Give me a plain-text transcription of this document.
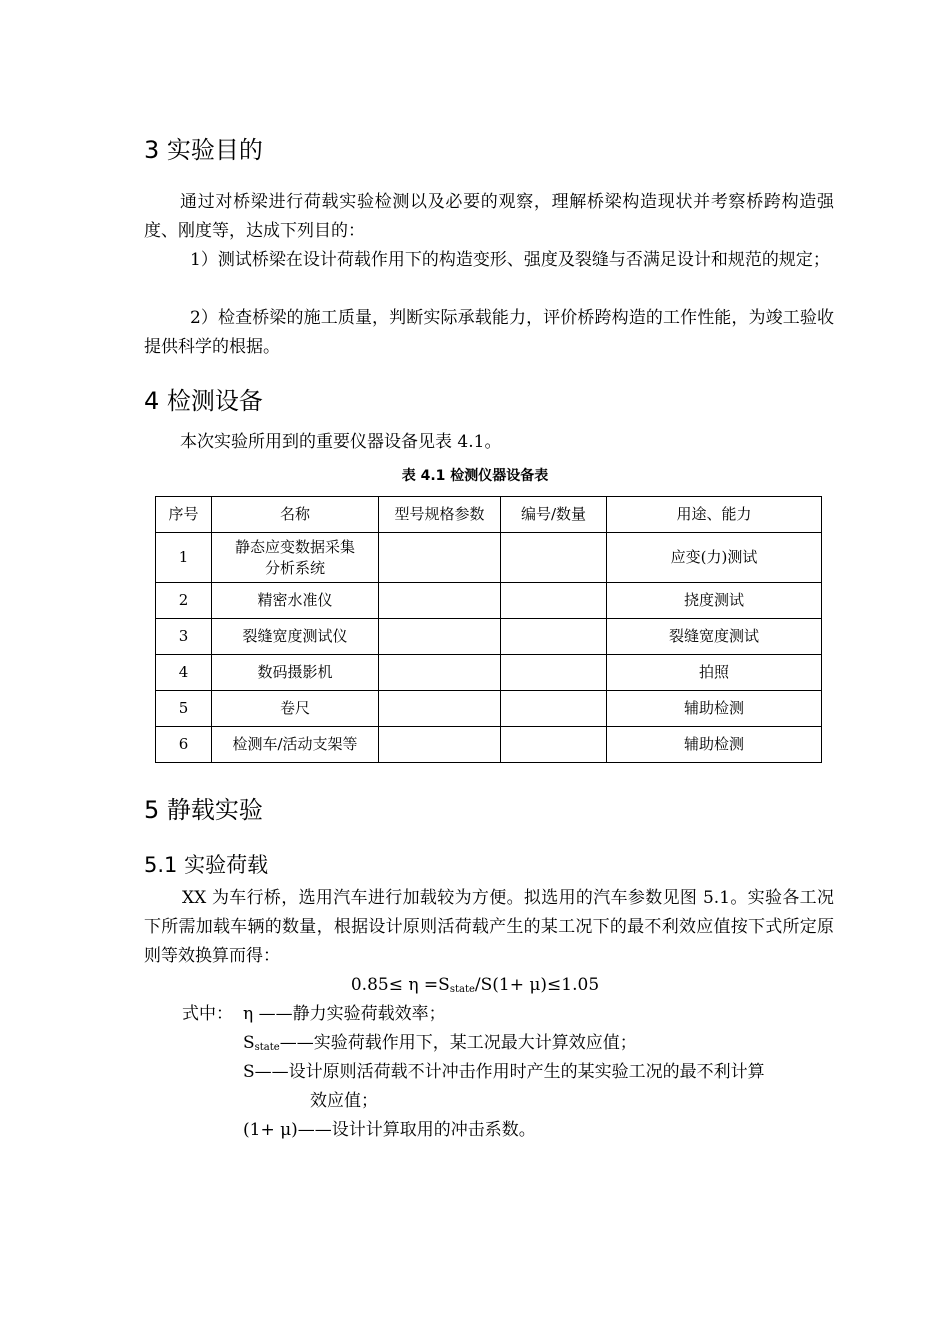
3 实验目的

通过对桥梁进行荷载实验检测以及必要的观察，理解桥梁构造现状并考察桥跨构造强度、刚度等，达成下列目的：

1）测试桥梁在设计荷载作用下的构造变形、强度及裂缝与否满足设计和规范的规定；

2）检查桥梁的施工质量，判断实际承载能力，评价桥跨构造的工作性能，为竣工验收提供科学的根据。

4 检测设备

本次实验所用到的重要仪器设备见表 4.1。

表 4.1 检测仪器设备表
序号	名称	型号规格参数	编号/数量	用途、能力
1	静态应变数据采集分析系统			应变(力)测试
2	精密水准仪			挠度测试
3	裂缝宽度测试仪			裂缝宽度测试
4	数码摄影机			拍照
5	卷尺			辅助检测
6	检测车/活动支架等			辅助检测
5 静载实验
5.1 实验荷载

XX 为车行桥，选用汽车进行加载较为方便。拟选用的汽车参数见图 5.1。实验各工况下所需加载车辆的数量，根据设计原则活荷载产生的某工况下的最不利效应值按下式所定原则等效换算而得：

$0.85\le \eta =S_{state}/S(1+ \mu)\le 1.05$

式中： η ——静力实验荷载效率；

$S_{state}——$实验荷载作用下，某工况最大计算效应值；

S——设计原则活荷载不计冲击作用时产生的某实验工况的最不利计算

效应值；

(1+ μ)——设计计算取用的冲击系数。
